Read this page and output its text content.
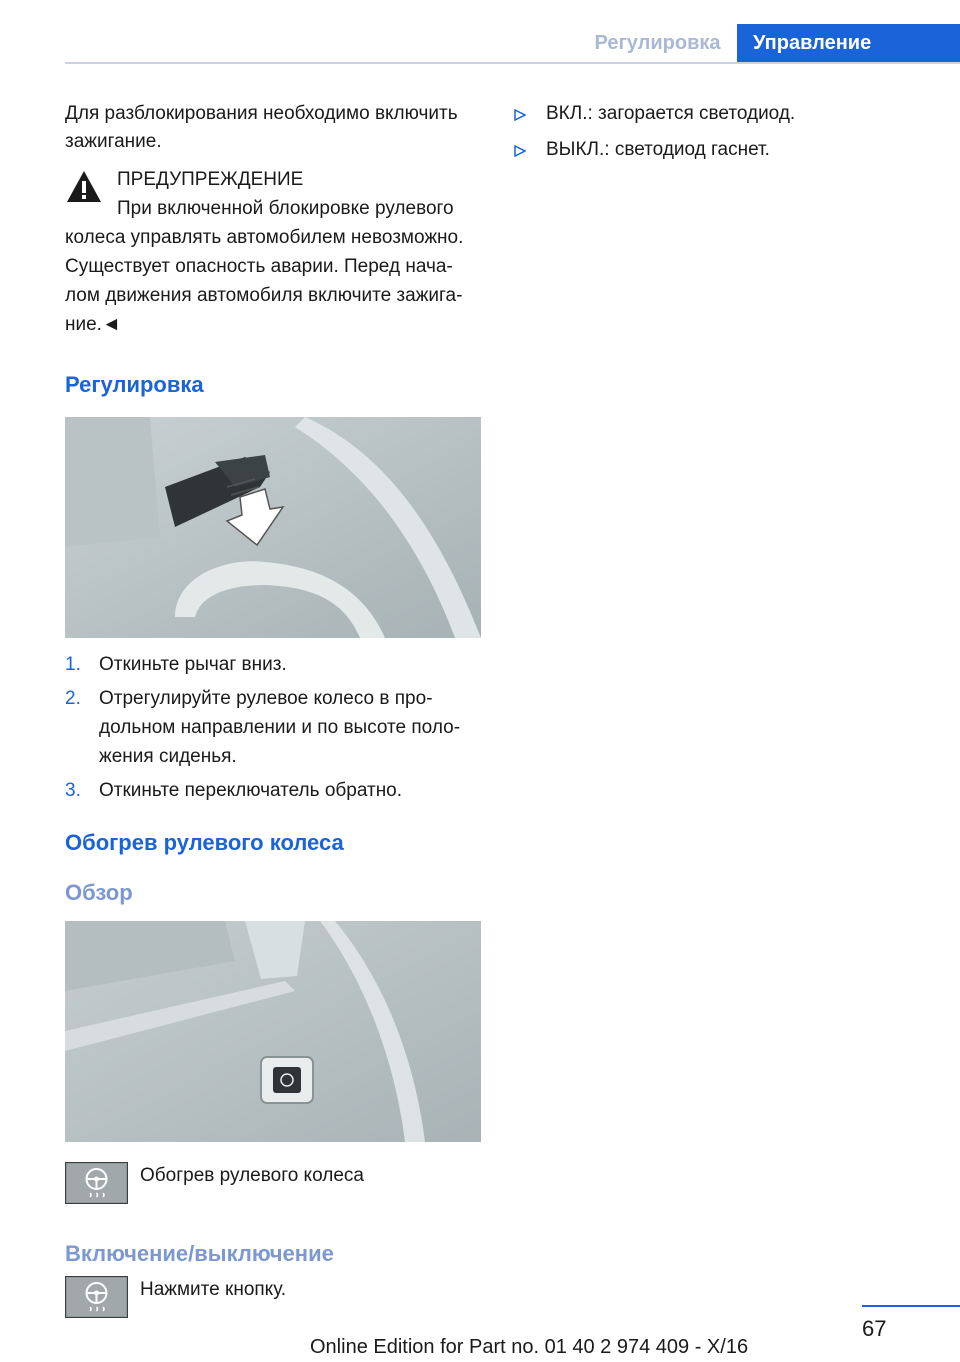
Регулировка	Управление

Для разблокирования необходимо включить зажигание.

ПРЕДУПРЕЖДЕНИЕ
При включенной блокировке рулевого колеса управлять автомобилем невозможно. Существует опасность аварии. Перед нача-лом движения автомобиля включите зажига-ние.◄
Регулировка
1. Откиньте рычаг вниз.
2. Отрегулируйте рулевое колесо в про-дольном направлении и по высоте поло-жения сиденья.
3. Откиньте переключатель обратно.
Обогрев рулевого колеса
Обзор
Обогрев рулевого колеса
Включение/выключение
Нажмите кнопку.
ВКЛ.: загорается светодиод.
ВЫКЛ.: светодиод гаснет.
67
Online Edition for Part no. 01 40 2 974 409 - X/16
